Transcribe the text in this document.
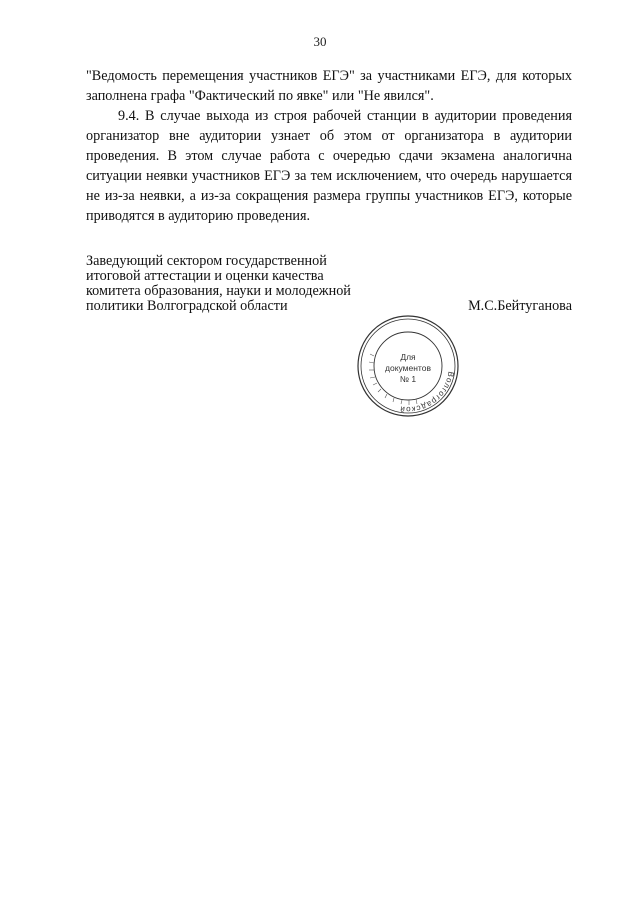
30

"Ведомость перемещения участников ЕГЭ" за участниками ЕГЭ, для которых заполнена графа "Фактический по явке" или "Не явился".

9.4. В случае выхода из строя рабочей станции в аудитории проведения организатор вне аудитории узнает об этом от организатора в аудитории проведения. В этом случае работа с очередью сдачи экзамена аналогична ситуации неявки участников ЕГЭ за тем исключением, что очередь нарушается не из-за неявки, а из-за сокращения размера группы участников ЕГЭ, которые приводятся в аудиторию проведения.

Заведующий сектором государственной
итоговой аттестации и оценки качества
комитета образования, науки и молодежной
политики Волгоградской области	М.С.Бейтуганова
Волгоградской
Для
документов
№ 1
